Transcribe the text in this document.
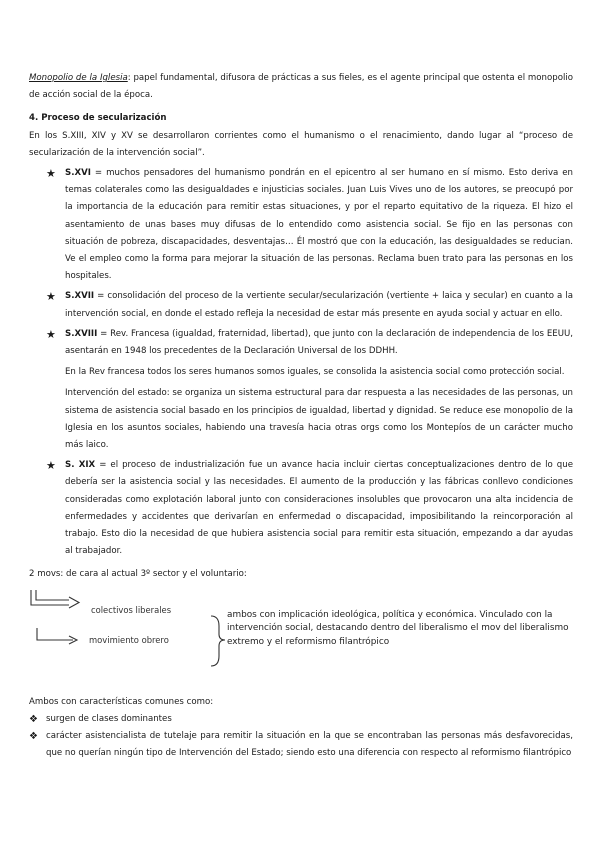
Monopolio de la Iglesia: papel fundamental, difusora de prácticas a sus fieles, es el agente principal que ostenta el monopolio de acción social de la época.

4. Proceso de secularización

En los S.XIII, XIV y XV se desarrollaron corrientes como el humanismo o el renacimiento, dando lugar al “proceso de secularización de la intervención social”.

★ S.XVI = muchos pensadores del humanismo pondrán en el epicentro al ser humano en sí mismo. Esto deriva en temas colaterales como las desigualdades e injusticias sociales. Juan Luis Vives uno de los autores, se preocupó por la importancia de la educación para remitir estas situaciones, y por el reparto equitativo de la riqueza. El hizo el asentamiento de unas bases muy difusas de lo entendido como asistencia social. Se fijo en las personas con situación de pobreza, discapacidades, desventajas… Él mostró que con la educación, las desigualdades se reducian. Ve el empleo como la forma para mejorar la situación de las personas. Reclama buen trato para las personas en los hospitales.

★ S.XVII = consolidación del proceso de la vertiente secular/secularización (vertiente + laica y secular) en cuanto a la intervención social, en donde el estado refleja la necesidad de estar más presente en ayuda social y actuar en ello.

★ S.XVIII = Rev. Francesa (igualdad, fraternidad, libertad), que junto con la declaración de independencia de los EEUU, asentarán en 1948 los precedentes de la Declaración Universal de los DDHH.

En la Rev francesa todos los seres humanos somos iguales, se consolida la asistencia social como protección social.

Intervención del estado: se organiza un sistema estructural para dar respuesta a las necesidades de las personas, un sistema de asistencia social basado en los principios de igualdad, libertad y dignidad. Se reduce ese monopolio de la Iglesia en los asuntos sociales, habiendo una travesía hacia otras orgs como los Montepíos de un carácter mucho más laico.

★ S. XIX = el proceso de industrialización fue un avance hacia incluir ciertas conceptualizaciones dentro de lo que debería ser la asistencia social y las necesidades. El aumento de la producción y las fábricas conllevo condiciones consideradas como explotación laboral junto con consideraciones insolubles que provocaron una alta incidencia de enfermedades y accidentes que derivarían en enfermedad o discapacidad, imposibilitando la reincorporación al trabajo. Esto dio la necesidad de que hubiera asistencia social para remitir esta situación, empezando a dar ayudas al trabajador.

2 movs: de cara al actual 3º sector y el voluntario:

colectivos liberales
movimiento obrero
ambos con implicación ideológica, política y económica. Vinculado con la intervención social, destacando dentro del liberalismo el mov del liberalismo extremo y el reformismo filantrópico

Ambos con características comunes como:

❖ surgen de clases dominantes

❖ carácter asistencialista de tutelaje para remitir la situación en la que se encontraban las personas más desfavorecidas, que no querían ningún tipo de Intervención del Estado; siendo esto una diferencia con respecto al reformismo filantrópico
